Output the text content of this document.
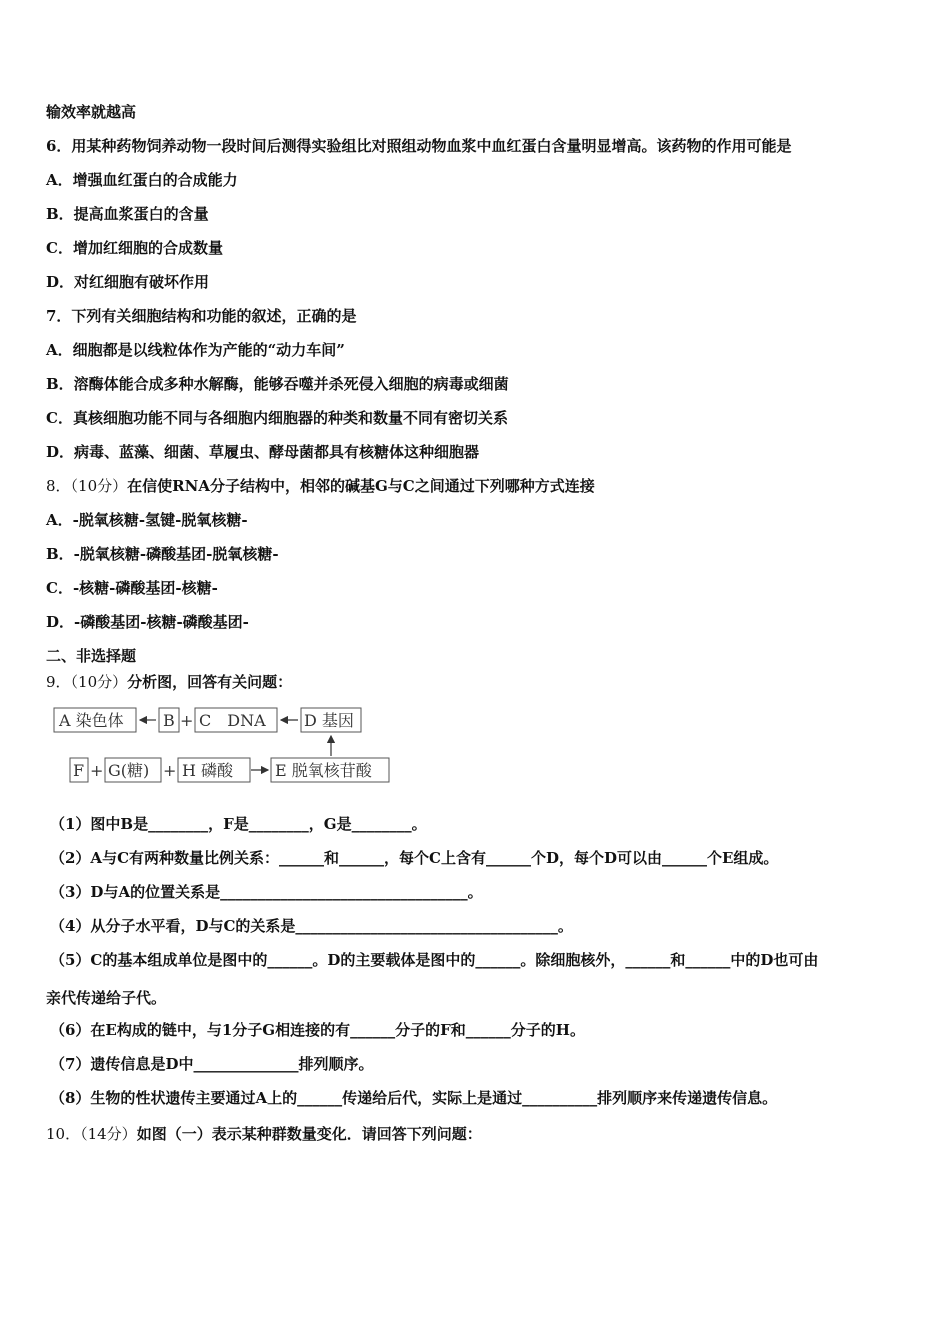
输效率就越高
6．用某种药物饲养动物一段时间后测得实验组比对照组动物血浆中血红蛋白含量明显增高。该药物的作用可能是
A．增强血红蛋白的合成能力
B．提高血浆蛋白的含量
C．增加红细胞的合成数量
D．对红细胞有破坏作用
7．下列有关细胞结构和功能的叙述，正确的是
A．细胞都是以线粒体作为产能的“动力车间”
B．溶酶体能合成多种水解酶，能够吞噬并杀死侵入细胞的病毒或细菌
C．真核细胞功能不同与各细胞内细胞器的种类和数量不同有密切关系
D．病毒、蓝藻、细菌、草履虫、酵母菌都具有核糖体这种细胞器
8．（10分）在信使RNA分子结构中，相邻的碱基G与C之间通过下列哪种方式连接
A．-脱氧核糖-氢键-脱氧核糖-
B．-脱氧核糖-磷酸基团-脱氧核糖-
C．-核糖-磷酸基团-核糖-
D．-磷酸基团-核糖-磷酸基团-
二、非选择题
9．（10分）分析图，回答有关问题：
A 染色体 B + C　DNA D 基因
F + G(糖) + H 磷酸	E 脱氧核苷酸
（1）图中B是________，F是________，G是________。
（2）A与C有两种数量比例关系：______和______，每个C上含有______个D，每个D可以由______个E组成。
（3）D与A的位置关系是_________________________________。
（4）从分子水平看，D与C的关系是___________________________________。
（5）C的基本组成单位是图中的______。D的主要载体是图中的______。除细胞核外，______和______中的D也可由
亲代传递给子代。
（6）在E构成的链中，与1分子G相连接的有______分子的F和______分子的H。
（7）遗传信息是D中______________排列顺序。
（8）生物的性状遗传主要通过A上的______传递给后代，实际上是通过__________排列顺序来传递遗传信息。
10．（14分）如图（一）表示某种群数量变化．请回答下列问题：
